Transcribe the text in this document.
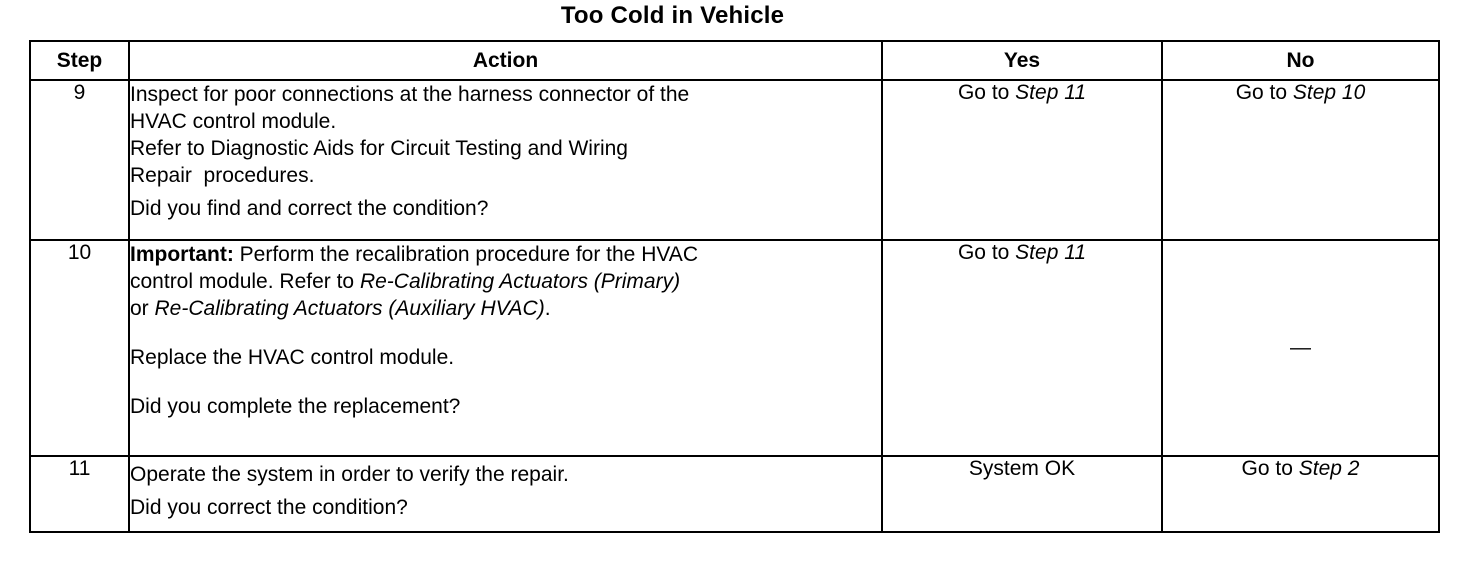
Too Cold in Vehicle
Step	Action	Yes	No
9	Inspect for poor connections at the harness connector of the

HVAC control module.

Refer to Diagnostic Aids for Circuit Testing and Wiring

Repair  procedures.

Did you find and correct the condition?	Go to Step 11	Go to Step 10
10	Important: Perform the recalibration procedure for the HVAC

control module. Refer to Re-Calibrating Actuators (Primary)

or Re-Calibrating Actuators (Auxiliary HVAC).

Replace the HVAC control module.

Did you complete the replacement?	Go to Step 11	—
11	Operate the system in order to verify the repair.

Did you correct the condition?	System OK	Go to Step 2
